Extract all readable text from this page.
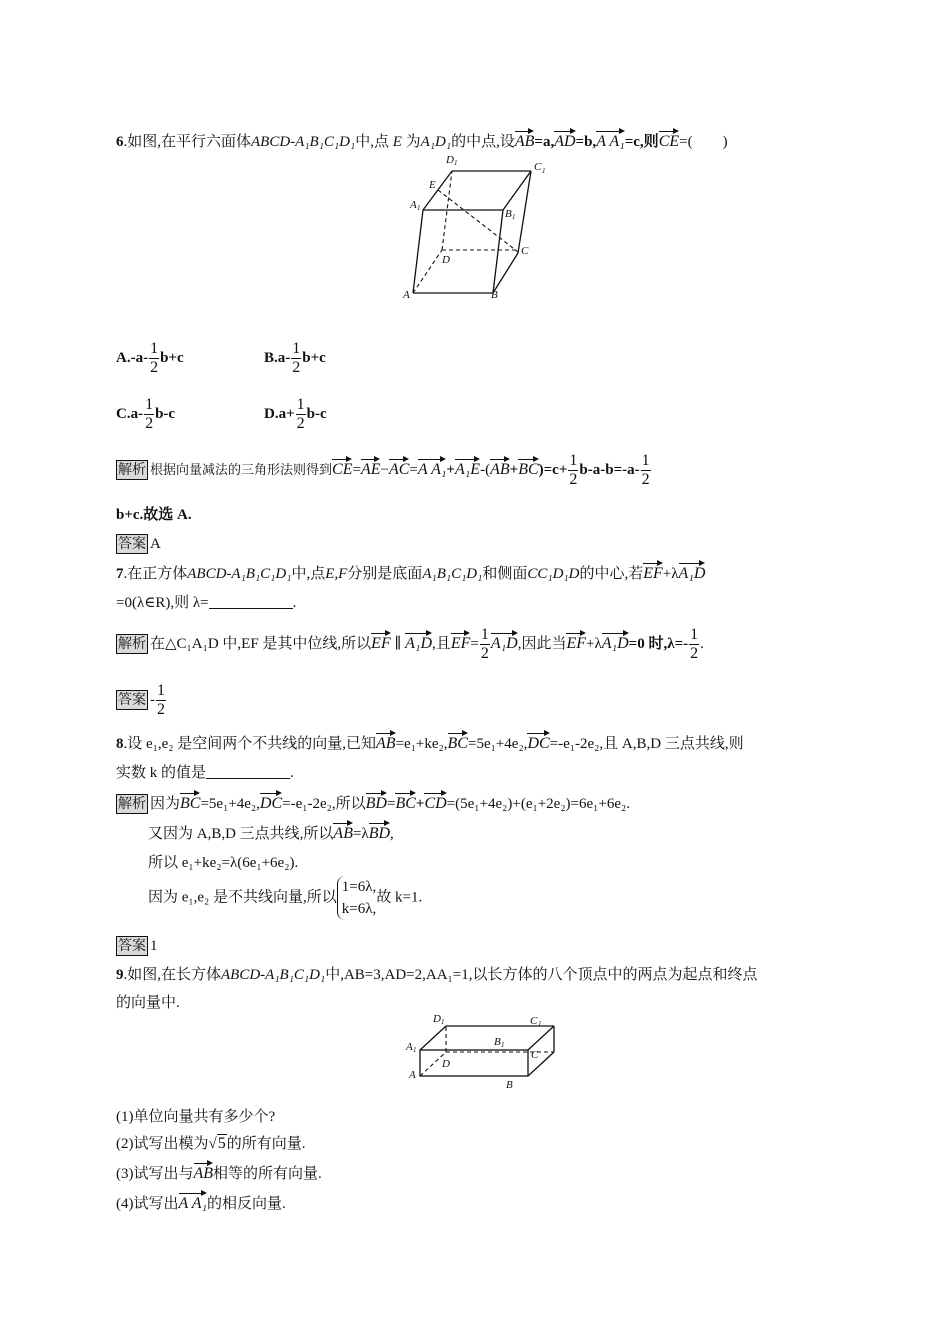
6.如图,在平行六面体ABCD-A₁B₁C₁D₁中,点 E 为A₁D₁的中点,设AB=a,AD=b,A A₁=c,则CE=(        )
D 1	C 1
E
A 1	B 1
C
D
A	B
$A.-a- \frac{1}{2} b+c$	$B.a- \frac{1}{2} b+c$
$C.a- \frac{1}{2} b-c$	$D.a+ \frac{1}{2} b-c$
解析 根据向量减法的三角形法则得到CE=AE−AC=A $A_1+A_1E-(AB+BC)=c+ \frac{1}{2} b-a-b=-a- \frac{1}{2}$
b+c.故选 A.
答案 A
7.在正方体ABCD-A₁B₁C₁D₁中,点E,F分别是底面A₁B₁C₁D₁和侧面CC₁D₁D的中心,若EF+λA₁D
=0(λ∈R),则 λ=	.
解析 在△C₁A₁D 中,EF 是其中位线,所以EF ∥ A₁D,且$EF= \frac{1}{2} A_1D$,因此当EF+λA₁D=0 时$,\lambda=- \frac{1}{2}$ .
答案 - $\frac{1}{2}$
8.设 e₁,e₂ 是空间两个不共线的向量,已知AB=e₁+ke₂,BC=5e₁+4e₂,DC=-e₁-2e₂,且 A,B,D 三点共线,则
实数 k 的值是	.
解析 因为BC=5e₁+4e₂,DC=-e₁-2e₂,所以BD=BC+CD=(5e₁+4e₂)+(e₁+2e₂)=6e₁+6e₂.
又因为 A,B,D 三点共线,所以AB=λBD,
所以 e₁+ke₂=λ(6e₁+6e₂).
因为 e₁,e₂ 是不共线向量,所以
1=6λ,
k=6λ,
故 k=1.
答案 1
9.如图,在长方体ABCD-A₁B₁C₁D₁中,AB=3,AD=2,AA₁=1,以长方体的八个顶点中的两点为起点和终点
的向量中.
D 1	C 1
A 1
B 1
C
D
A
B
(1)单位向量共有多少个?
(2)试写出模为√5的所有向量.
(3)试写出与AB相等的所有向量.
(4)试写出A A₁的相反向量.
